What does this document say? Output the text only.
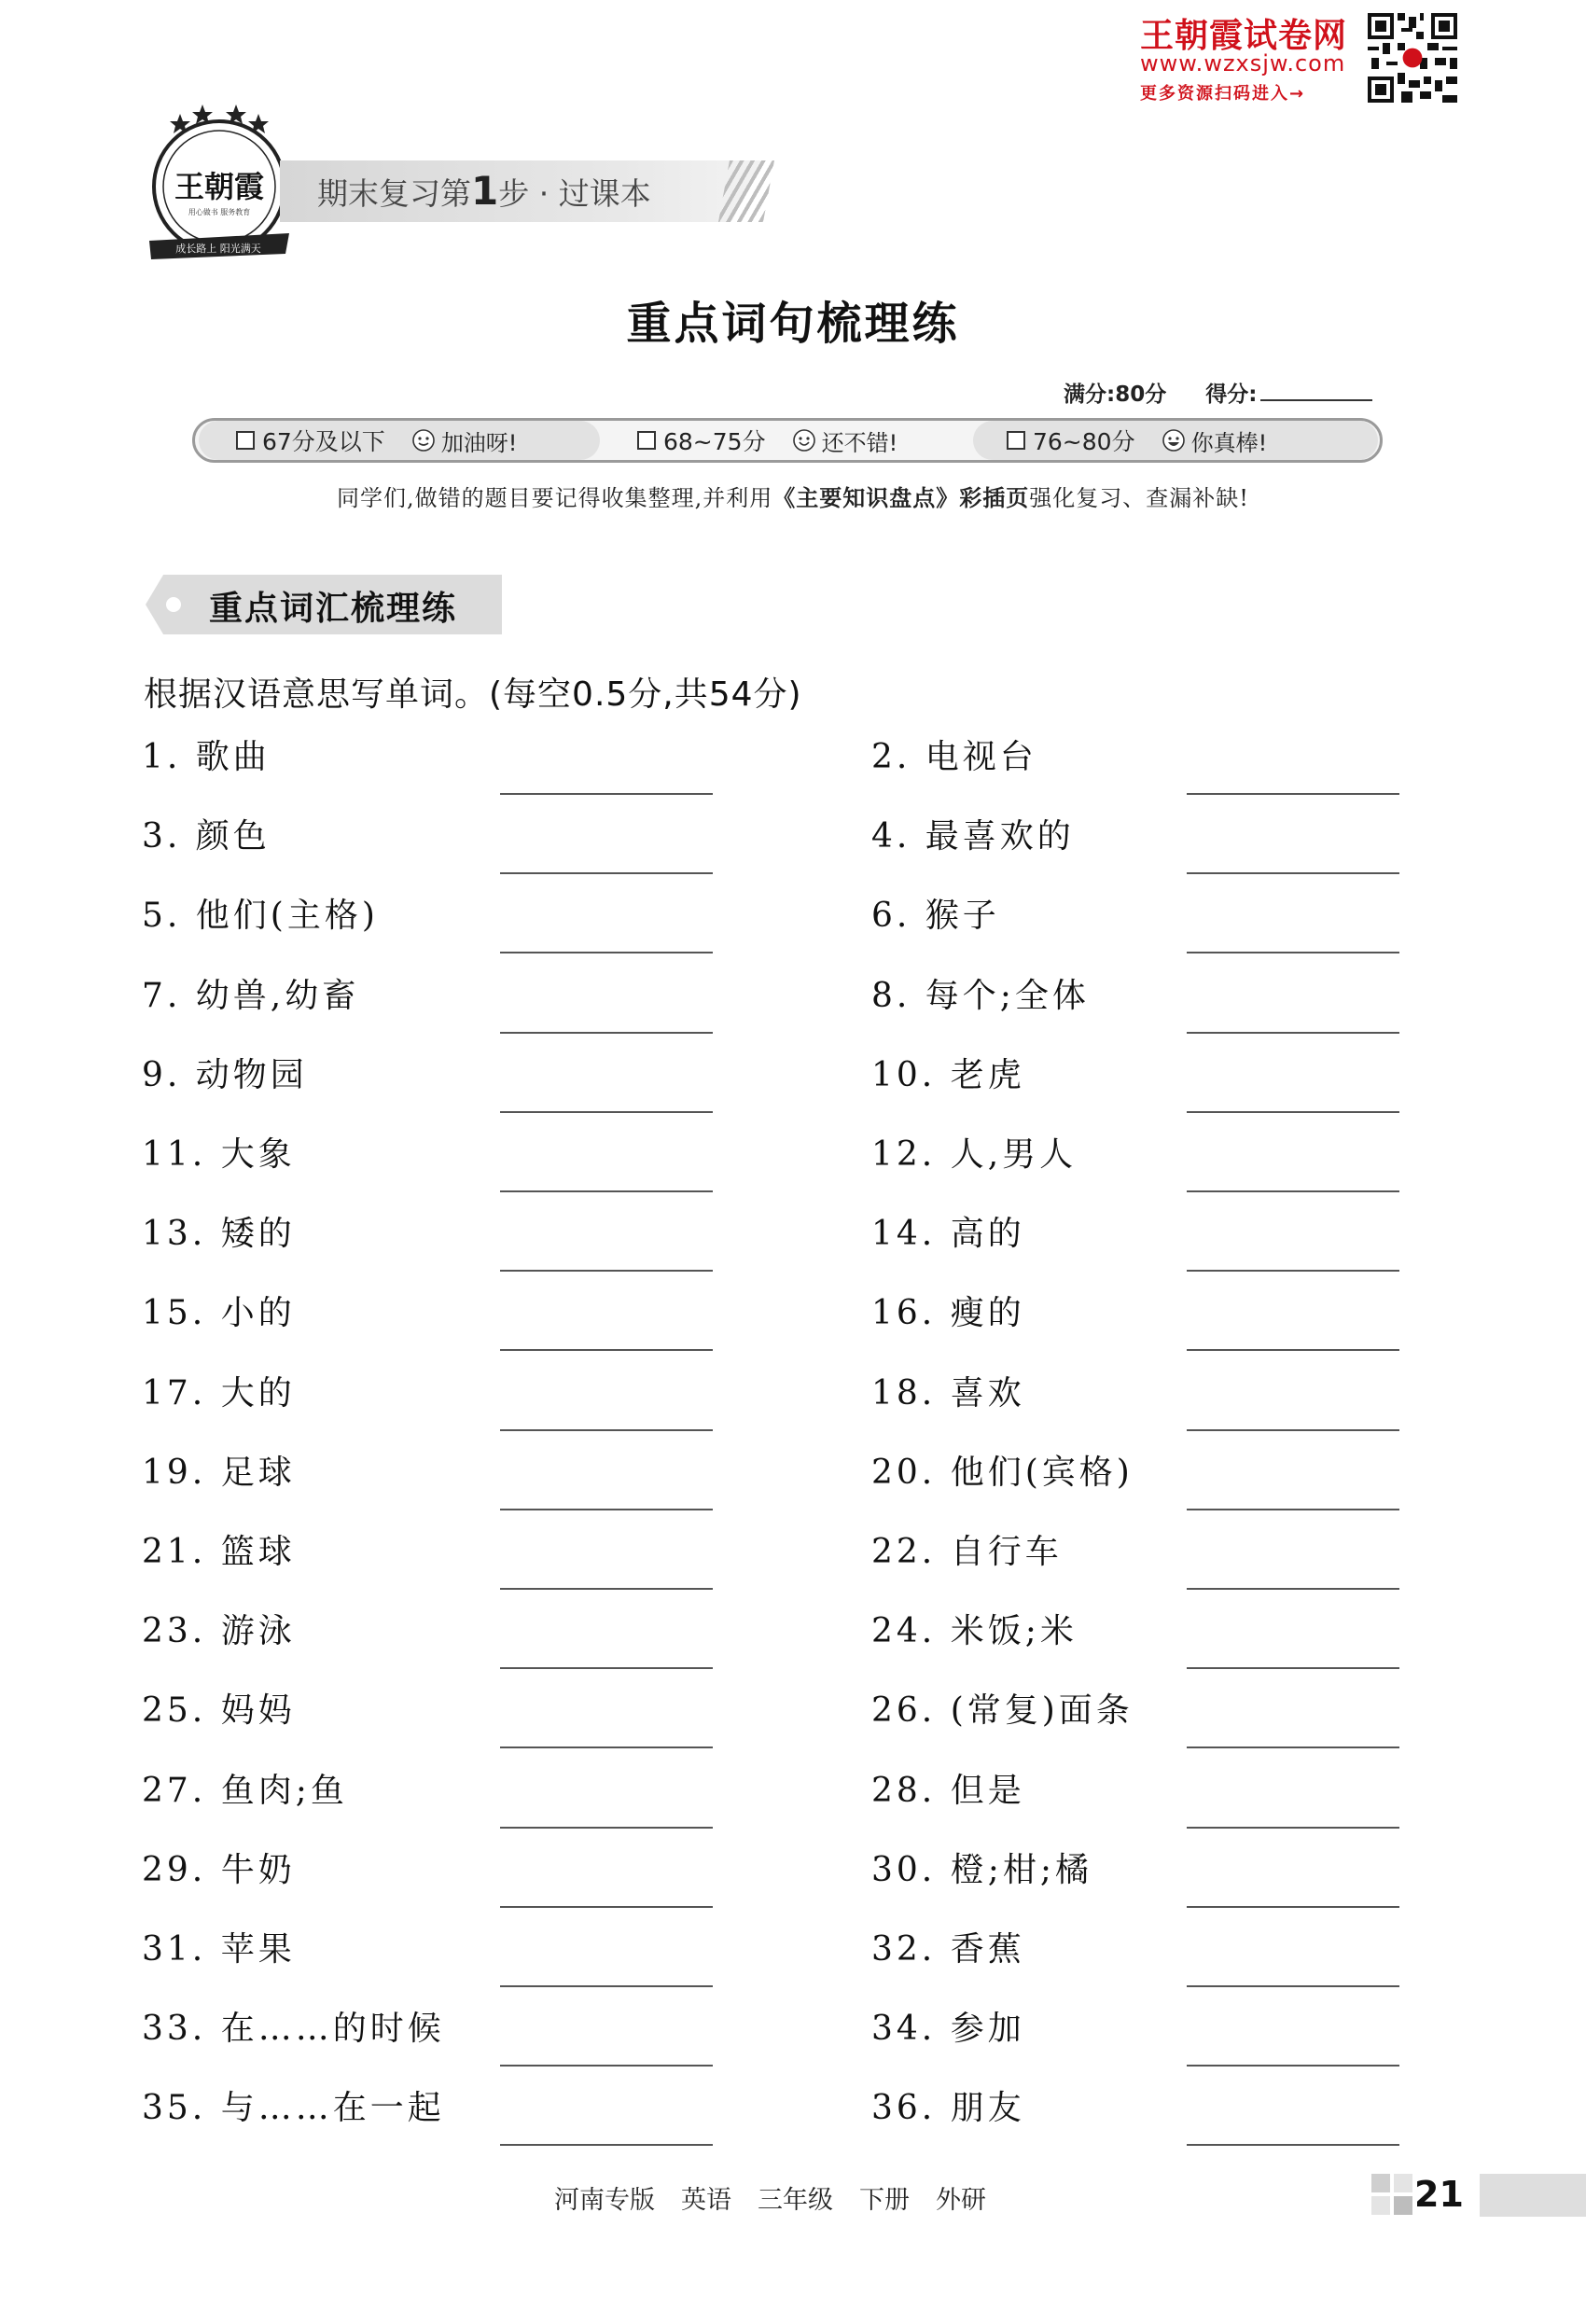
王朝霞试卷网
www.wzxsjw.com
更多资源扫码进入→
王朝霞
用心做书 服务教育
成长路上 阳光满天
期末复习第1步 · 过课本
重点词句梳理练
满分:80分 得分:
67分及以下	加油呀!	68~75分	还不错!	76~80分	你真棒!
同学们,做错的题目要记得收集整理,并利用《主要知识盘点》彩插页强化复习、查漏补缺!
重点词汇梳理练
根据汉语意思写单词。(每空0.5分,共54分)
1. 歌曲	2. 电视台
3. 颜色	4. 最喜欢的
5. 他们(主格)	6. 猴子
7. 幼兽,幼畜	8. 每个;全体
9. 动物园	10. 老虎
11. 大象	12. 人,男人
13. 矮的	14. 高的
15. 小的	16. 瘦的
17. 大的	18. 喜欢
19. 足球	20. 他们(宾格)
21. 篮球	22. 自行车
23. 游泳	24. 米饭;米
25. 妈妈	26. (常复)面条
27. 鱼肉;鱼	28. 但是
29. 牛奶	30. 橙;柑;橘
31. 苹果	32. 香蕉
33. 在……的时候	34. 参加
35. 与……在一起	36. 朋友
河南专版 英语 三年级 下册 外研	21
